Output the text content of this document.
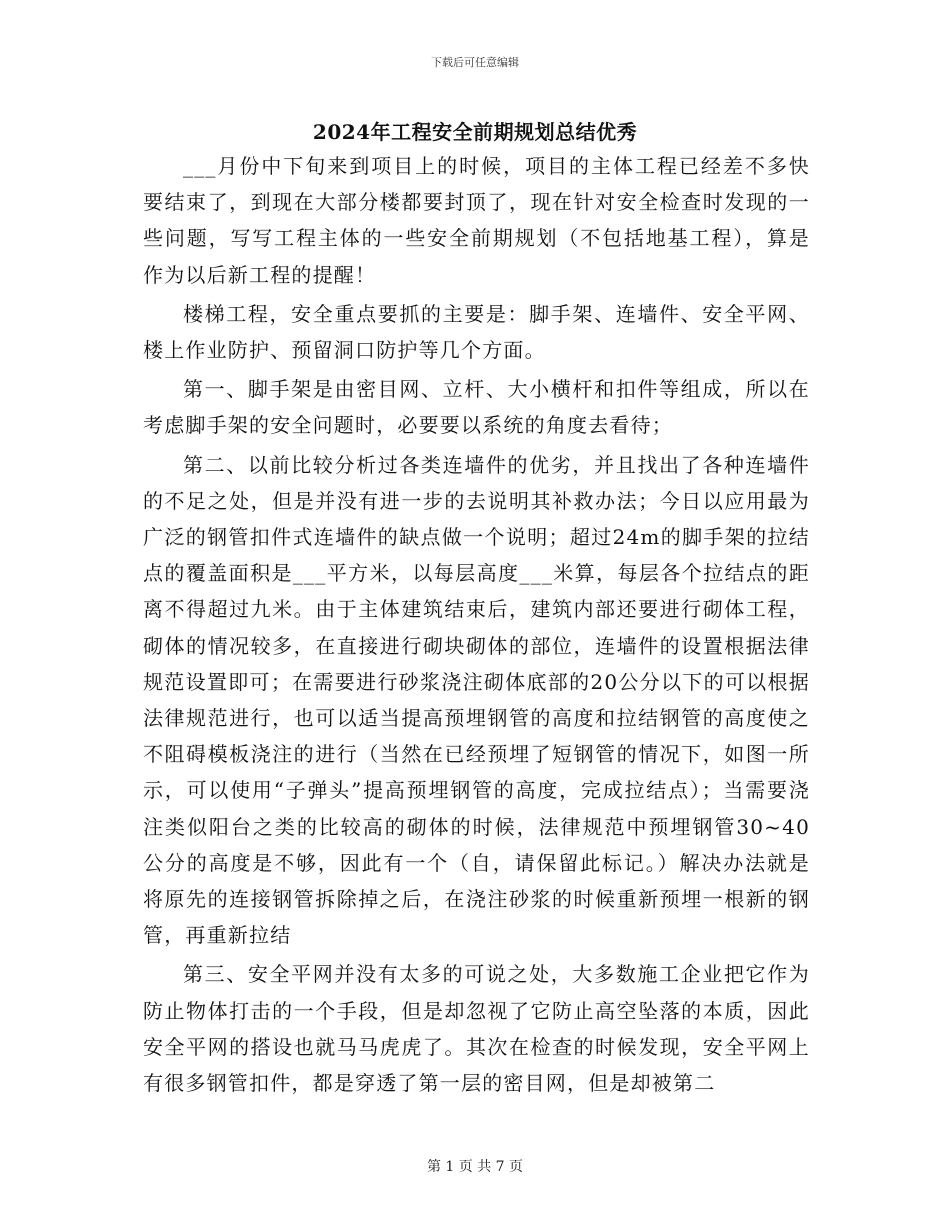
下载后可任意编辑
2024年工程安全前期规划总结优秀

___月份中下旬来到项目上的时候，项目的主体工程已经差不多快要结束了，到现在大部分楼都要封顶了，现在针对安全检查时发现的一些问题，写写工程主体的一些安全前期规划（不包括地基工程），算是作为以后新工程的提醒！

楼梯工程，安全重点要抓的主要是：脚手架、连墙件、安全平网、楼上作业防护、预留洞口防护等几个方面。

第一、脚手架是由密目网、立杆、大小横杆和扣件等组成，所以在考虑脚手架的安全问题时，必要要以系统的角度去看待；

第二、以前比较分析过各类连墙件的优劣，并且找出了各种连墙件的不足之处，但是并没有进一步的去说明其补救办法；今日以应用最为广泛的钢管扣件式连墙件的缺点做一个说明；超过24m的脚手架的拉结点的覆盖面积是___平方米，以每层高度___米算，每层各个拉结点的距离不得超过九米。由于主体建筑结束后，建筑内部还要进行砌体工程，砌体的情况较多，在直接进行砌块砌体的部位，连墙件的设置根据法律规范设置即可；在需要进行砂浆浇注砌体底部的20公分以下的可以根据法律规范进行，也可以适当提高预埋钢管的高度和拉结钢管的高度使之不阻碍模板浇注的进行（当然在已经预埋了短钢管的情况下，如图一所示，可以使用“子弹头”提高预埋钢管的高度，完成拉结点）；当需要浇注类似阳台之类的比较高的砌体的时候，法律规范中预埋钢管30~40公分的高度是不够，因此有一个（自，请保留此标记。）解决办法就是将原先的连接钢管拆除掉之后，在浇注砂浆的时候重新预埋一根新的钢管，再重新拉结

第三、安全平网并没有太多的可说之处，大多数施工企业把它作为防止物体打击的一个手段，但是却忽视了它防止高空坠落的本质，因此安全平网的搭设也就马马虎虎了。其次在检查的时候发现，安全平网上有很多钢管扣件，都是穿透了第一层的密目网，但是却被第二

第 1 页 共 7 页
